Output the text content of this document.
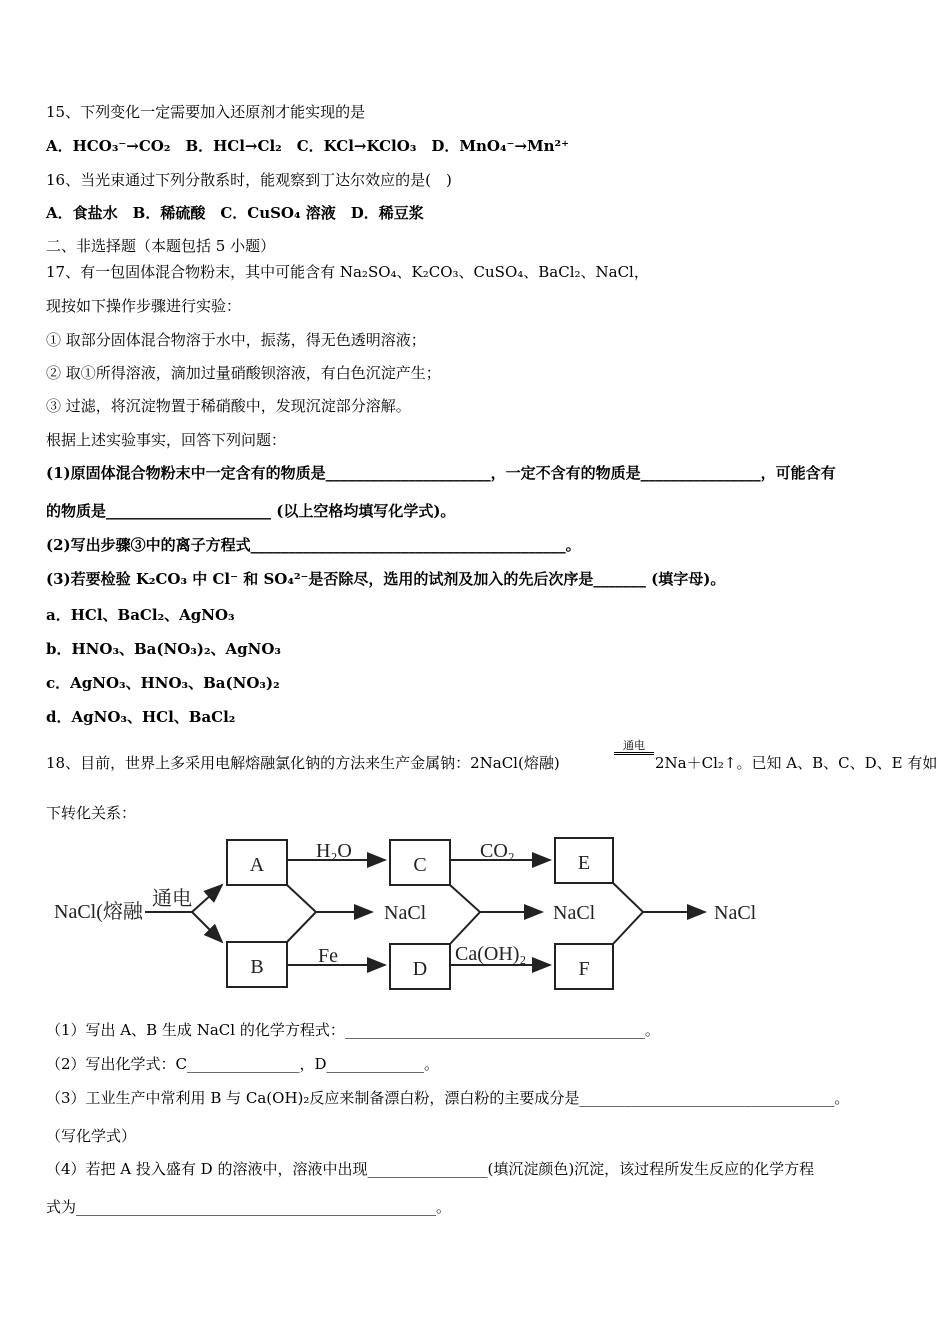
15、下列变化一定需要加入还原剂才能实现的是
A．HCO₃⁻→CO₂　B．HCl→Cl₂　C．KCl→KClO₃　D．MnO₄⁻→Mn²⁺
16、当光束通过下列分散系时，能观察到丁达尔效应的是(　)
A．食盐水　B．稀硫酸　C．CuSO₄ 溶液　D．稀豆浆
二、非选择题（本题包括 5 小题）
17、有一包固体混合物粉末，其中可能含有 Na₂SO₄、K₂CO₃、CuSO₄、BaCl₂、NaCl，
现按如下操作步骤进行实验：
① 取部分固体混合物溶于水中，振荡，得无色透明溶液；
② 取①所得溶液，滴加过量硝酸钡溶液，有白色沉淀产生；
③ 过滤，将沉淀物置于稀硝酸中，发现沉淀部分溶解。
根据上述实验事实，回答下列问题：
(1)原固体混合物粉末中一定含有的物质是______________________，一定不含有的物质是________________，可能含有
的物质是______________________ (以上空格均填写化学式)。
(2)写出步骤③中的离子方程式__________________________________________。
(3)若要检验 K₂CO₃ 中 Cl⁻ 和 SO₄²⁻是否除尽，选用的试剂及加入的先后次序是_______ (填字母)。
a．HCl、BaCl₂、AgNO₃
b．HNO₃、Ba(NO₃)₂、AgNO₃
c．AgNO₃、HNO₃、Ba(NO₃)₂
d．AgNO₃、HCl、BaCl₂
18、目前，世界上多采用电解熔融氯化钠的方法来生产金属钠：2NaCl(熔融)
通电
2Na＋Cl₂↑。已知 A、B、C、D、E 有如
下转化关系：
NaCl(熔融
通电
A	C	E
B	D	F
H₂O	CO₂
Fe	Ca(OH)₂
NaCl	NaCl	NaCl
（1）写出 A、B 生成 NaCl 的化学方程式：________________________________________。
（2）写出化学式：C_______________，D_____________。
（3）工业生产中常利用 B 与 Ca(OH)₂反应来制备漂白粉，漂白粉的主要成分是__________________________________。
（写化学式）
（4）若把 A 投入盛有 D 的溶液中，溶液中出现________________(填沉淀颜色)沉淀，该过程所发生反应的化学方程
式为________________________________________________。
